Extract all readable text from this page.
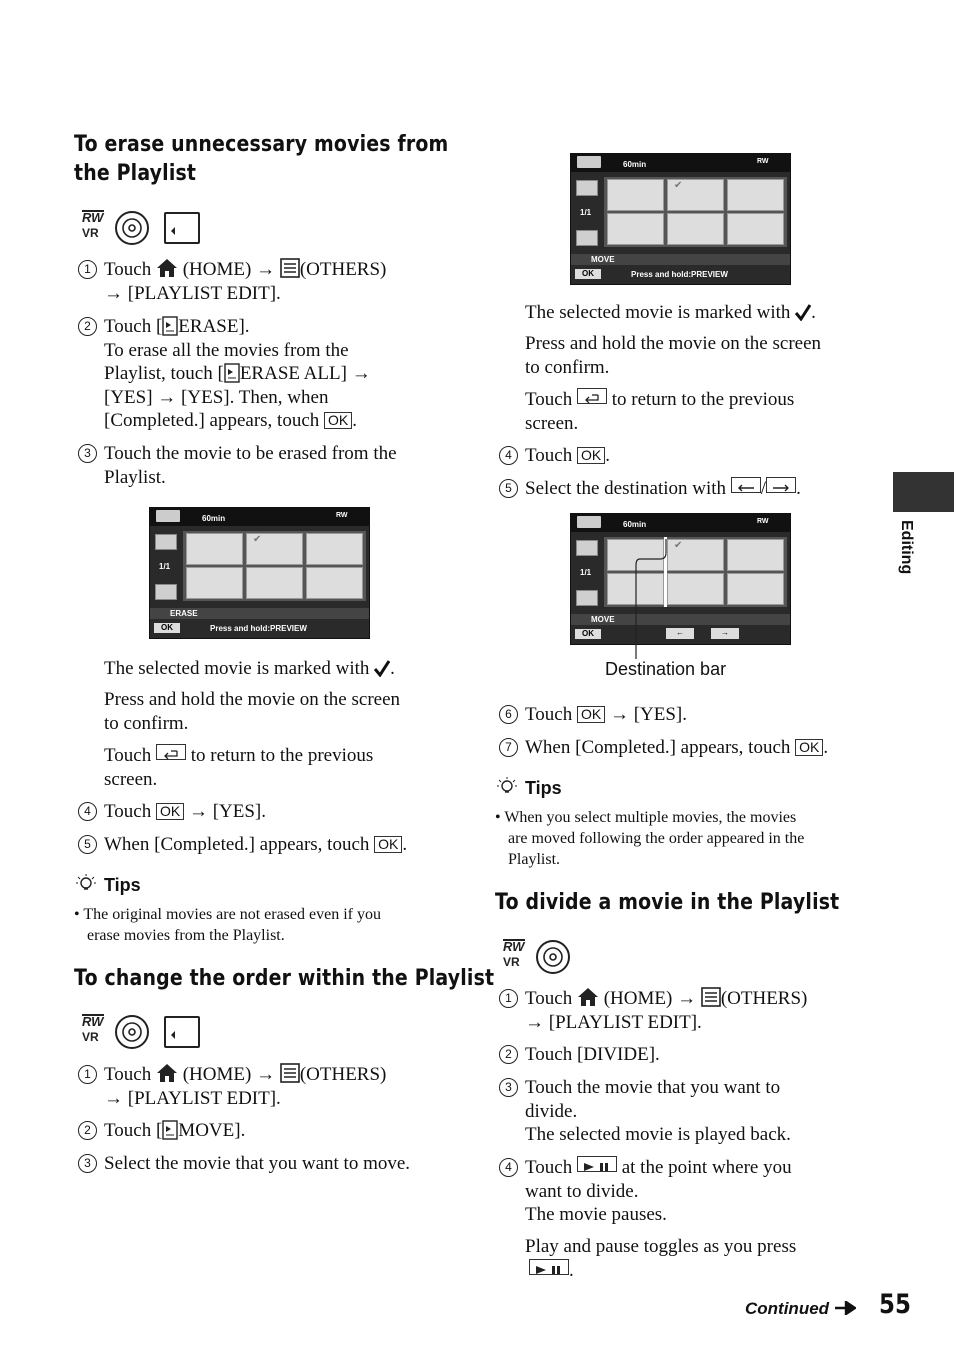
To erase unnecessary movies from
the Playlist
RW
VR
1 Touch (HOME) → (OTHERS)
→ [PLAYLIST EDIT].
2 Touch [ ERASE].
To erase all the movies from the
Playlist, touch [ ERASE ALL] →
[YES] → [YES]. Then, when
[Completed.] appears, touch OK .
3 Touch the movie to be erased from the
Playlist.
60min	RW

1/1
✔
ERASE
OK	Press and hold:PREVIEW
The selected movie is marked with .
Press and hold the movie on the screen
to confirm.
Touch to return to the previous
screen.
4 Touch OK → [YES].
5 When [Completed.] appears, touch OK .
Tips
• The original movies are not erased even if you
erase movies from the Playlist.
To change the order within the Playlist
RW
VR
1 Touch (HOME) → (OTHERS)
→ [PLAYLIST EDIT].
2 Touch [ MOVE].
3 Select the movie that you want to move.
60min	RW
1/1
✔
MOVE
OK	Press and hold:PREVIEW
The selected movie is marked with .
Press and hold the movie on the screen
to confirm.
Touch to return to the previous
screen.
4 Touch OK .
5 Select the destination with / .
60min	RW
1/1
✔
MOVE
OK	←	→
Destination bar
6 Touch OK → [YES].
7 When [Completed.] appears, touch OK .
Tips
• When you select multiple movies, the movies
are moved following the order appeared in the
Playlist.
To divide a movie in the Playlist
RW
VR
1 Touch (HOME) → (OTHERS)
→ [PLAYLIST EDIT].
2 Touch [DIVIDE].
3 Touch the movie that you want to
divide.
The selected movie is played back.
4 Touch	at the point where you
want to divide.
The movie pauses.
Play and pause toggles as you press
.
Editing
Continued	55
